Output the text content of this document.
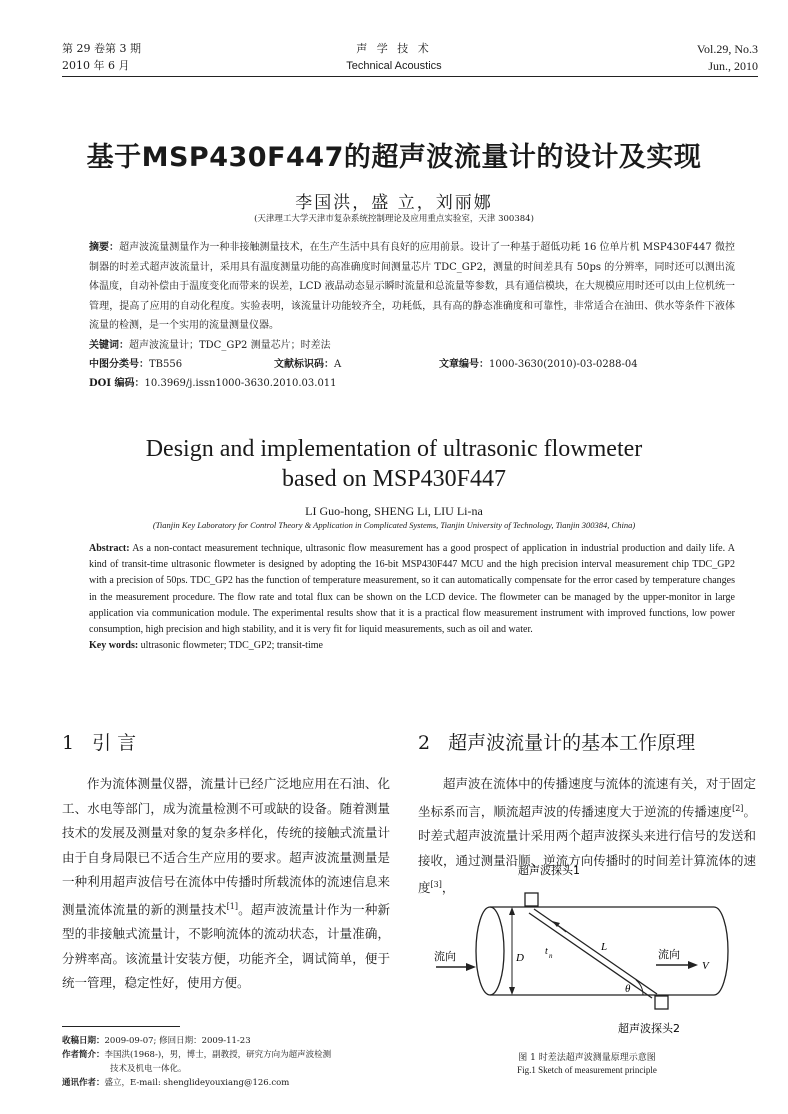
第 29 卷第 3 期
2010 年 6 月
声 学 技 术
Technical Acoustics
Vol.29, No.3
Jun., 2010
基于MSP430F447的超声波流量计的设计及实现
李国洪，盛 立，刘丽娜
(天津理工大学天津市复杂系统控制理论及应用重点实验室，天津 300384)
摘要：超声波流量测量作为一种非接触测量技术，在生产生活中具有良好的应用前景。设计了一种基于超低功耗 16 位单片机 MSP430F447 微控制器的时差式超声波流量计，采用具有温度测量功能的高准确度时间测量芯片 TDC_GP2，测量的时间差具有 50ps 的分辨率，同时还可以测出流体温度，自动补偿由于温度变化而带来的误差，LCD 液晶动态显示瞬时流量和总流量等参数，具有通信模块，在大规模应用时还可以由上位机统一管理，提高了应用的自动化程度。实验表明，该流量计功能较齐全，功耗低，具有高的静态准确度和可靠性，非常适合在油田、供水等条件下液体流量的检测，是一个实用的流量测量仪器。
关键词：超声波流量计；TDC_GP2 测量芯片；时差法
中图分类号：TB556	文献标识码：A	文章编号：1000-3630(2010)-03-0288-04
DOI 编码：10.3969/j.issn1000-3630.2010.03.011
Design and implementation of ultrasonic flowmeter
based on MSP430F447
LI Guo-hong, SHENG Li, LIU Li-na
(Tianjin Key Laboratory for Control Theory & Application in Complicated Systems, Tianjin University of Technology, Tianjin 300384, China)
Abstract: As a non-contact measurement technique, ultrasonic flow measurement has a good prospect of application in industrial production and daily life. A kind of transit-time ultrasonic flowmeter is designed by adopting the 16-bit MSP430F447 MCU and the high precision interval measurement chip TDC_GP2 with a precision of 50ps. TDC_GP2 has the function of temperature measurement, so it can automatically compensate for the error cased by temperature changes in the measurement procedure. The flow rate and total flux can be shown on the LCD device. The flowmeter can be managed by the upper-monitor in large application via communication module. The experimental results show that it is a practical flow measurement instrument with improved functions, low power consumption, high precision and high stability, and it is very fit for liquid measurements, such as oil and water.
Key words: ultrasonic flowmeter; TDC_GP2; transit-time
1 引 言
作为流体测量仪器，流量计已经广泛地应用在石油、化工、水电等部门，成为流量检测不可或缺的设备。随着测量技术的发展及测量对象的复杂多样化，传统的接触式流量计由于自身局限已不适合生产应用的要求。超声波流量测量是一种利用超声波信号在流体中传播时所载流体的流速信息来测量流体流量的新的测量技术[1]。超声波流量计作为一种新型的非接触式流量计，不影响流体的流动状态，计量准确，分辨率高。该流量计安装方便，功能齐全，调试简单，便于统一管理，稳定性好，使用方便。
2 超声波流量计的基本工作原理
超声波在流体中的传播速度与流体的流速有关，对于固定坐标系而言，顺流超声波的传播速度大于逆流的传播速度[2]。时差式超声波流量计采用两个超声波探头来进行信号的发送和接收，通过测量沿顺、逆流方向传播时的时间差计算流体的速度[3]，
超声波探头1
超声波探头2
流向	流向
D
L
t n
θ
V
图 1 时差法超声波测量原理示意图
Fig.1 Sketch of measurement principle
收稿日期：2009-09-07; 修回日期：2009-11-23
作者简介：李国洪(1968-)，男，博士，副教授，研究方向为超声波检测
技术及机电一体化。
通讯作者：盛立，E-mail: shenglideyouxiang@126.com
